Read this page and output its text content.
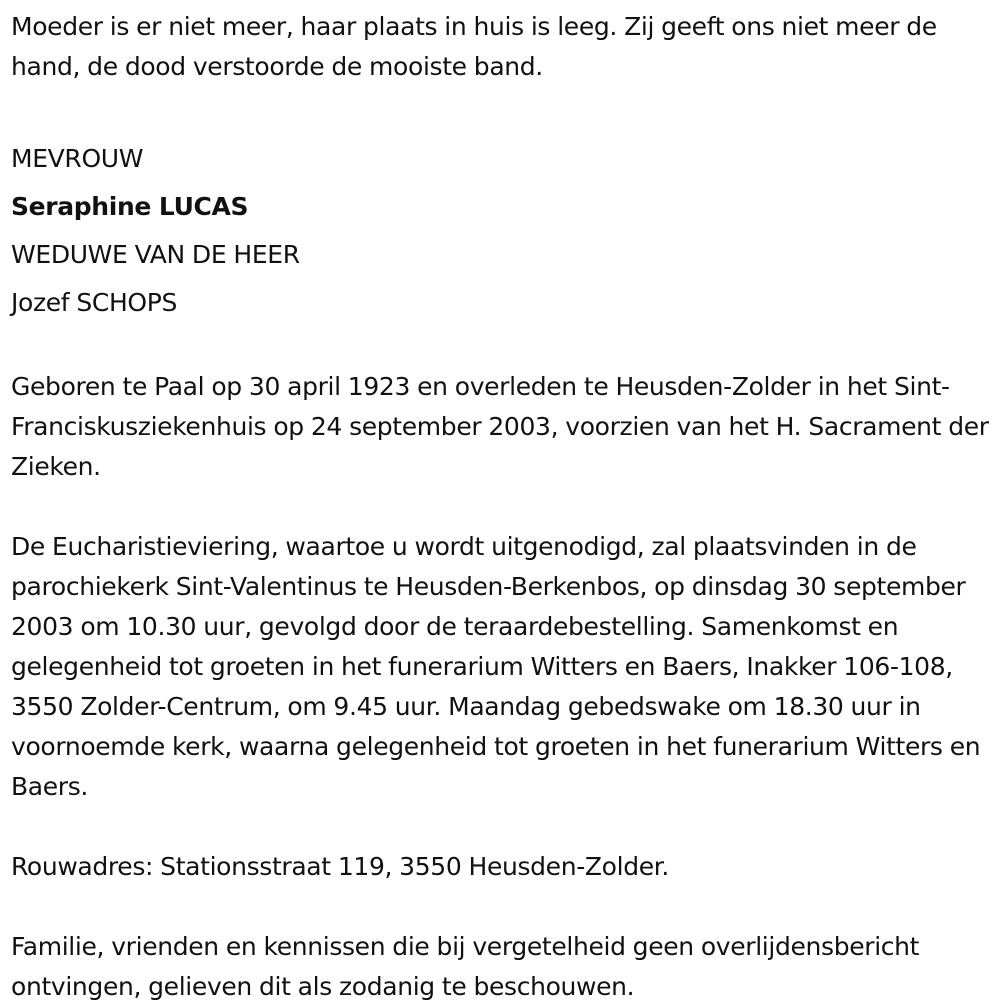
Moeder is er niet meer, haar plaats in huis is leeg. Zij geeft ons niet meer de hand, de dood verstoorde de mooiste band.

MEVROUW

Seraphine LUCAS

WEDUWE VAN DE HEER

Jozef SCHOPS

Geboren te Paal op 30 april 1923 en overleden te Heusden-Zolder in het Sint-Franciskusziekenhuis op 24 september 2003, voorzien van het H. Sacrament der Zieken.

De Eucharistieviering, waartoe u wordt uitgenodigd, zal plaatsvinden in de parochiekerk Sint-Valentinus te Heusden-Berkenbos, op dinsdag 30 september 2003 om 10.30 uur, gevolgd door de teraardebestelling. Samenkomst en gelegenheid tot groeten in het funerarium Witters en Baers, Inakker 106-108, 3550 Zolder-Centrum, om 9.45 uur. Maandag gebedswake om 18.30 uur in voornoemde kerk, waarna gelegenheid tot groeten in het funerarium Witters en Baers.

Rouwadres: Stationsstraat 119, 3550 Heusden-Zolder.

Familie, vrienden en kennissen die bij vergetelheid geen overlijdensbericht ontvingen, gelieven dit als zodanig te beschouwen.
